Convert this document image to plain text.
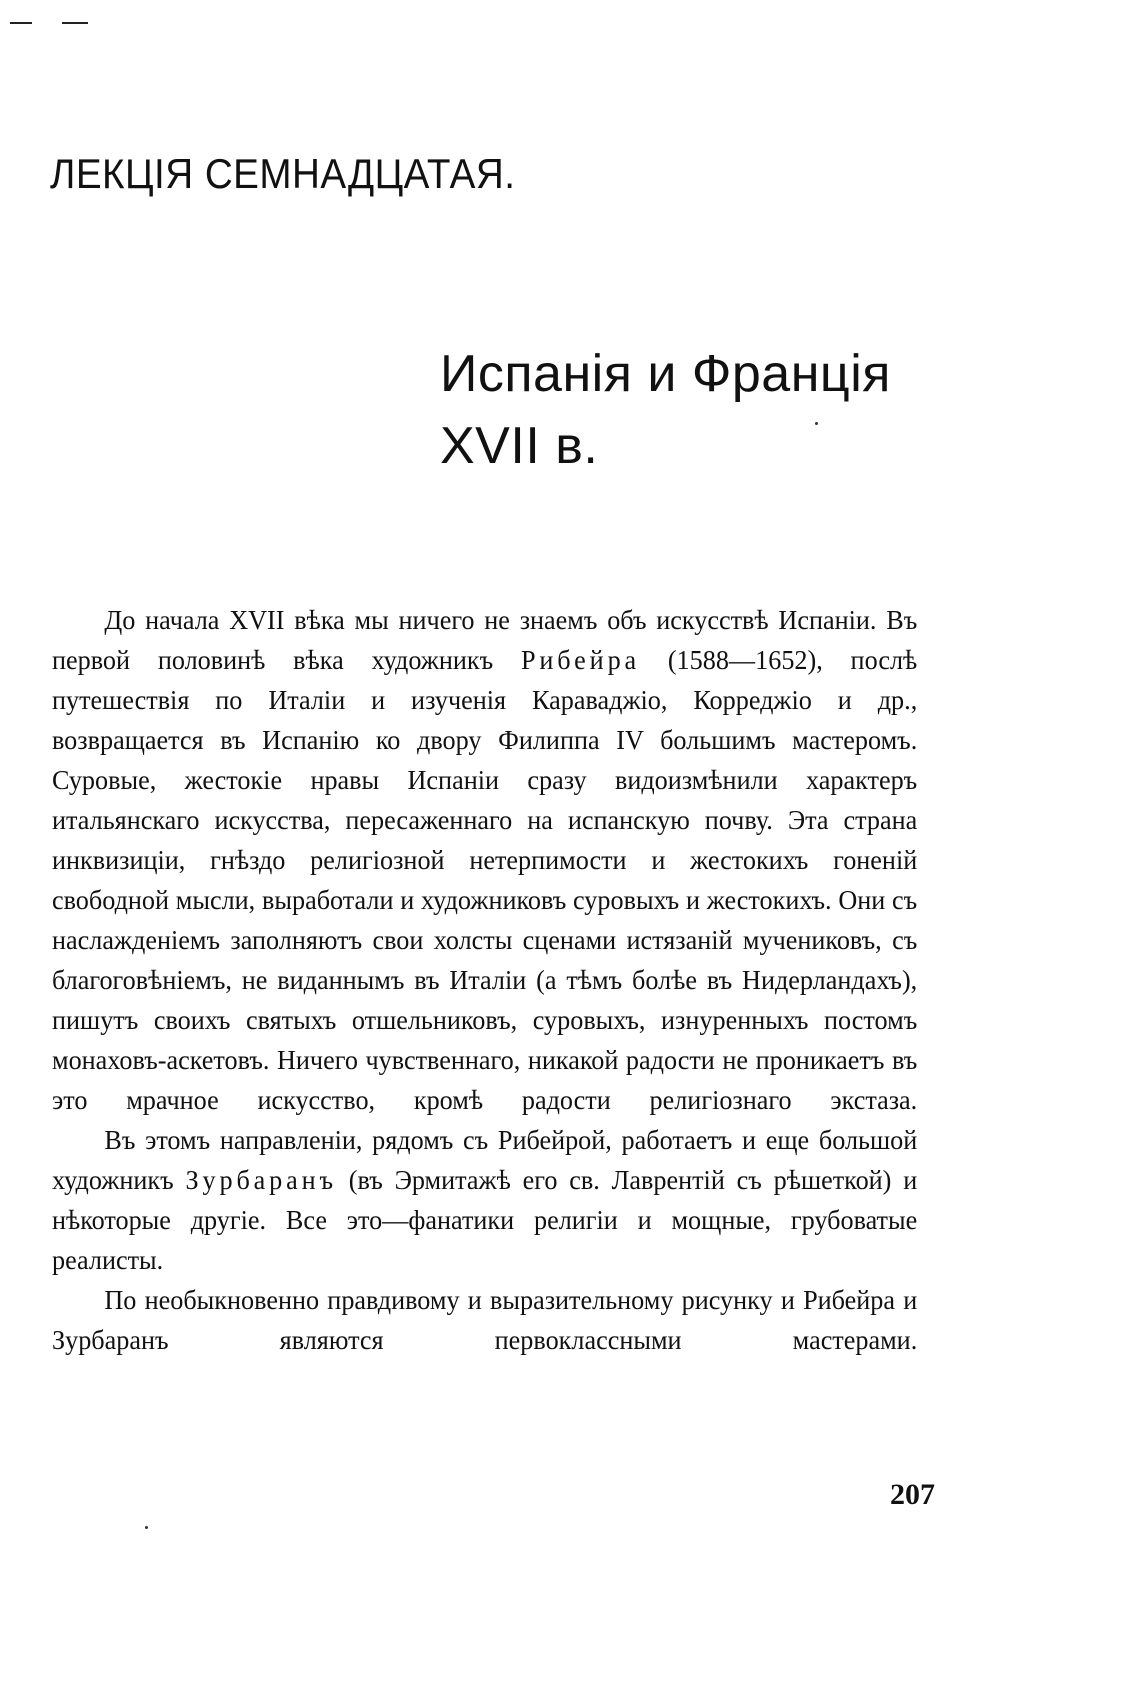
ЛЕКЦІЯ СЕМНАДЦАТАЯ.
Испанія и Франція
XVII в.

До начала XVII вѣка мы ничего не знаемъ объ искусствѣ Испаніи. Въ первой половинѣ вѣка художникъ Рибейра (1588—1652), послѣ путешествія по Италіи и изученія Караваджіо, Корреджіо и др., возвращается въ Испанію ко двору Филиппа IV большимъ мастеромъ. Суровые, жестокіе нравы Испаніи сразу видоизмѣнили характеръ итальянскаго искусства, пересаженнаго на испанскую почву. Эта страна инквизиціи, гнѣздо религіозной нетерпимости и жестокихъ гоненій свободной мысли, выработали и художниковъ суровыхъ и жестокихъ. Они съ наслажденіемъ заполняютъ свои холсты сценами истязаній мучениковъ, съ благоговѣніемъ, не виданнымъ въ Италіи (а тѣмъ болѣе въ Нидерландахъ), пишутъ своихъ святыхъ отшельниковъ, суровыхъ, изнуренныхъ постомъ монаховъ-аскетовъ. Ничего чувственнаго, никакой радости не проникаетъ въ это мрачное искусство, кромѣ радости религіознаго экстаза.

Въ этомъ направленіи, рядомъ съ Рибейрой, работаетъ и еще большой художникъ Зурбаранъ (въ Эрмитажѣ его св. Лаврентій съ рѣшеткой) и нѣкоторые другіе. Все это—фанатики религіи и мощные, грубоватые реалисты.

По необыкновенно правдивому и выразительному рисунку и Рибейра и Зурбаранъ являются первоклассными мастерами.

207
